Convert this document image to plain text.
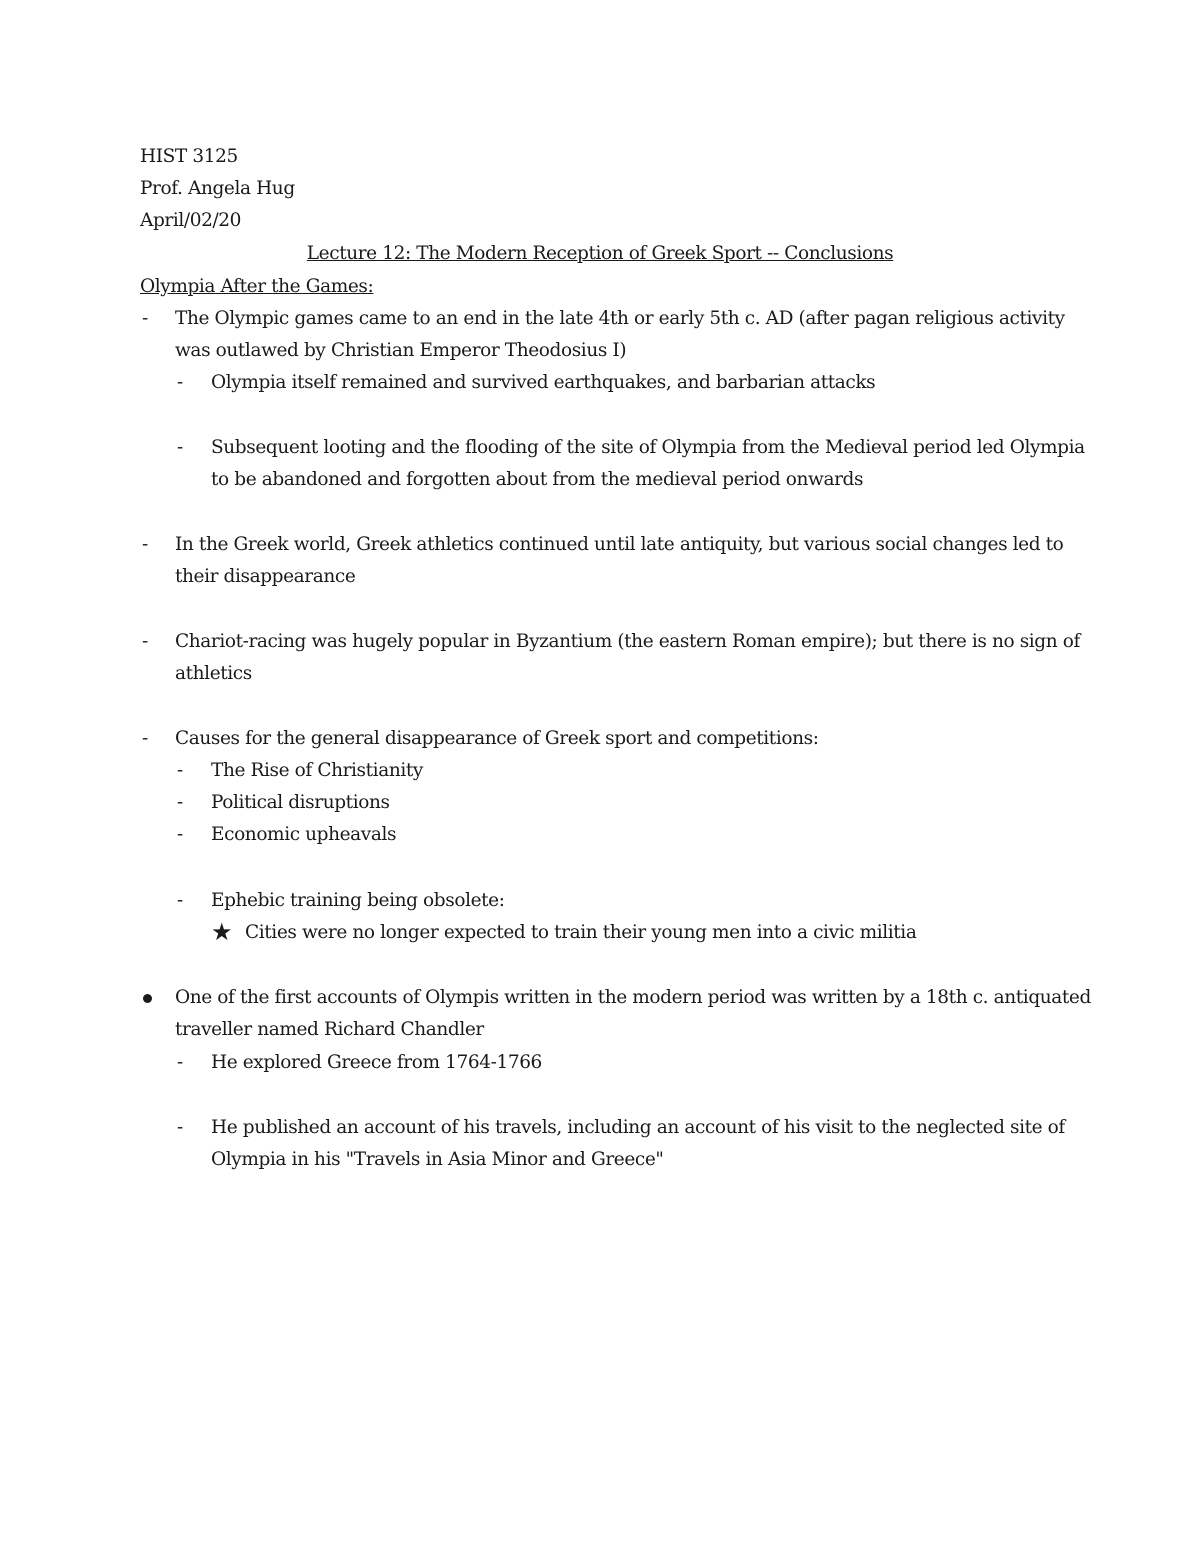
HIST 3125
Prof. Angela Hug
April/02/20
Lecture 12: The Modern Reception of Greek Sport -- Conclusions
Olympia After the Games:
- The Olympic games came to an end in the late 4th or early 5th c. AD (after pagan religious activity
was outlawed by Christian Emperor Theodosius I)
- Olympia itself remained and survived earthquakes, and barbarian attacks
- Subsequent looting and the flooding of the site of Olympia from the Medieval period led Olympia
to be abandoned and forgotten about from the medieval period onwards
- In the Greek world, Greek athletics continued until late antiquity, but various social changes led to
their disappearance
- Chariot-racing was hugely popular in Byzantium (the eastern Roman empire); but there is no sign of
athletics
- Causes for the general disappearance of Greek sport and competitions:
- The Rise of Christianity
- Political disruptions
- Economic upheavals
- Ephebic training being obsolete:
★ Cities were no longer expected to train their young men into a civic militia
One of the first accounts of Olympis written in the modern period was written by a 18th c. antiquated
traveller named Richard Chandler
- He explored Greece from 1764-1766
- He published an account of his travels, including an account of his visit to the neglected site of
Olympia in his "Travels in Asia Minor and Greece"
